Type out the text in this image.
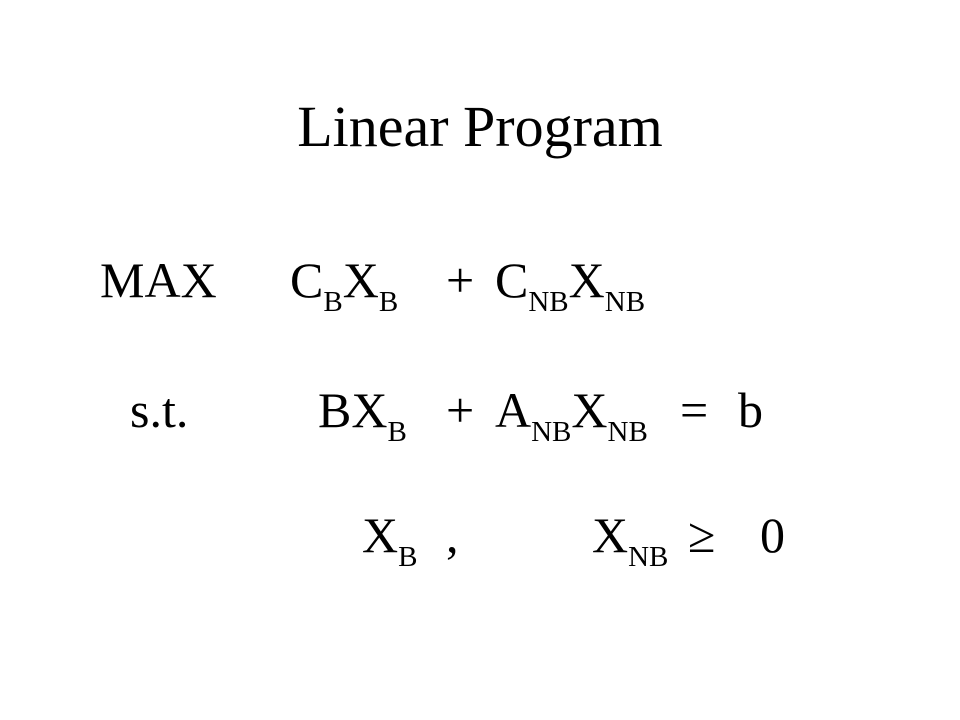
Linear Program
MAX $C_BX_B + C_{NB}X_{NB}$
s.t.	$BX_B + A_{NB}X_{NB} = b$
$X_B$ ,	$X_{NB} \ge 0$
